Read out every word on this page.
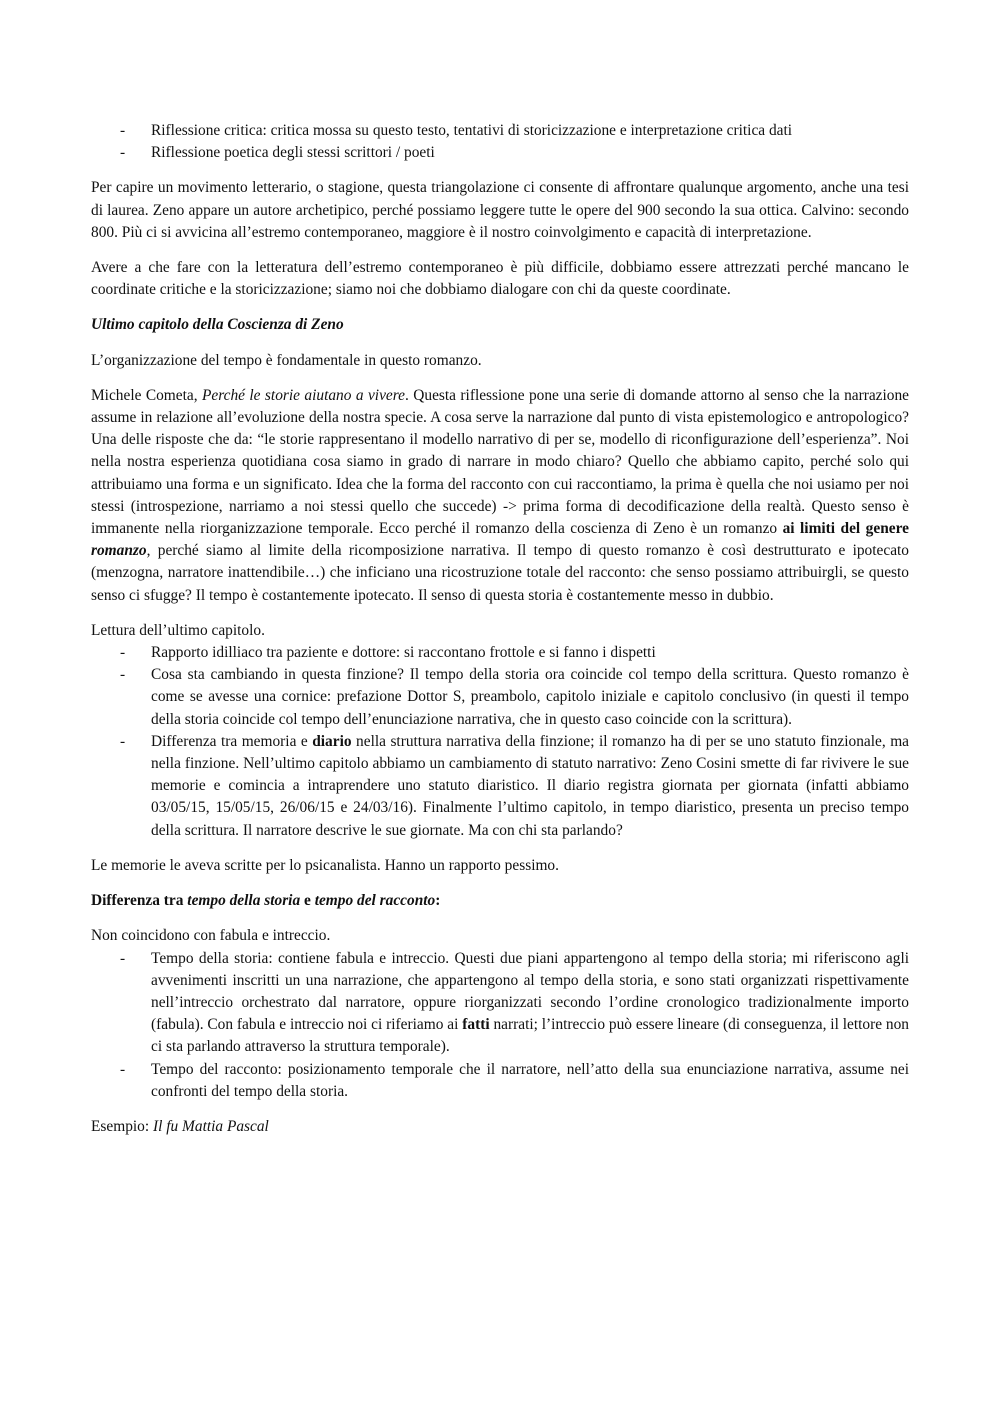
- Riflessione critica: critica mossa su questo testo, tentativi di storicizzazione e interpretazione critica dati
- Riflessione poetica degli stessi scrittori / poeti

Per capire un movimento letterario, o stagione, questa triangolazione ci consente di affrontare qualunque argomento, anche una tesi di laurea. Zeno appare un autore archetipico, perché possiamo leggere tutte le opere del 900 secondo la sua ottica. Calvino: secondo 800. Più ci si avvicina all’estremo contemporaneo, maggiore è il nostro coinvolgimento e capacità di interpretazione.

Avere a che fare con la letteratura dell’estremo contemporaneo è più difficile, dobbiamo essere attrezzati perché mancano le coordinate critiche e la storicizzazione; siamo noi che dobbiamo dialogare con chi da queste coordinate.

Ultimo capitolo della Coscienza di Zeno

L’organizzazione del tempo è fondamentale in questo romanzo.

Michele Cometa, Perché le storie aiutano a vivere. Questa riflessione pone una serie di domande attorno al senso che la narrazione assume in relazione all’evoluzione della nostra specie. A cosa serve la narrazione dal punto di vista epistemologico e antropologico? Una delle risposte che da: “le storie rappresentano il modello narrativo di per se, modello di riconfigurazione dell’esperienza”. Noi nella nostra esperienza quotidiana cosa siamo in grado di narrare in modo chiaro? Quello che abbiamo capito, perché solo qui attribuiamo una forma e un significato. Idea che la forma del racconto con cui raccontiamo, la prima è quella che noi usiamo per noi stessi (introspezione, narriamo a noi stessi quello che succede) -> prima forma di decodificazione della realtà. Questo senso è immanente nella riorganizzazione temporale. Ecco perché il romanzo della coscienza di Zeno è un romanzo ai limiti del genere romanzo, perché siamo al limite della ricomposizione narrativa. Il tempo di questo romanzo è così destrutturato e ipotecato (menzogna, narratore inattendibile…) che inficiano una ricostruzione totale del racconto: che senso possiamo attribuirgli, se questo senso ci sfugge? Il tempo è costantemente ipotecato. Il senso di questa storia è costantemente messo in dubbio.

Lettura dell’ultimo capitolo.

- Rapporto idilliaco tra paziente e dottore: si raccontano frottole e si fanno i dispetti
- Cosa sta cambiando in questa finzione? Il tempo della storia ora coincide col tempo della scrittura. Questo romanzo è come se avesse una cornice: prefazione Dottor S, preambolo, capitolo iniziale e capitolo conclusivo (in questi il tempo della storia coincide col tempo dell’enunciazione narrativa, che in questo caso coincide con la scrittura).
- Differenza tra memoria e diario nella struttura narrativa della finzione; il romanzo ha di per se uno statuto finzionale, ma nella finzione. Nell’ultimo capitolo abbiamo un cambiamento di statuto narrativo: Zeno Cosini smette di far rivivere le sue memorie e comincia a intraprendere uno statuto diaristico. Il diario registra giornata per giornata (infatti abbiamo 03/05/15, 15/05/15, 26/06/15 e 24/03/16). Finalmente l’ultimo capitolo, in tempo diaristico, presenta un preciso tempo della scrittura. Il narratore descrive le sue giornate. Ma con chi sta parlando?

Le memorie le aveva scritte per lo psicanalista. Hanno un rapporto pessimo.

Differenza tra tempo della storia e tempo del racconto:

Non coincidono con fabula e intreccio.

- Tempo della storia: contiene fabula e intreccio. Questi due piani appartengono al tempo della storia; mi riferiscono agli avvenimenti inscritti un una narrazione, che appartengono al tempo della storia, e sono stati organizzati rispettivamente nell’intreccio orchestrato dal narratore, oppure riorganizzati secondo l’ordine cronologico tradizionalmente importo (fabula). Con fabula e intreccio noi ci riferiamo ai fatti narrati; l’intreccio può essere lineare (di conseguenza, il lettore non ci sta parlando attraverso la struttura temporale).
- Tempo del racconto: posizionamento temporale che il narratore, nell’atto della sua enunciazione narrativa, assume nei confronti del tempo della storia.

Esempio: Il fu Mattia Pascal
